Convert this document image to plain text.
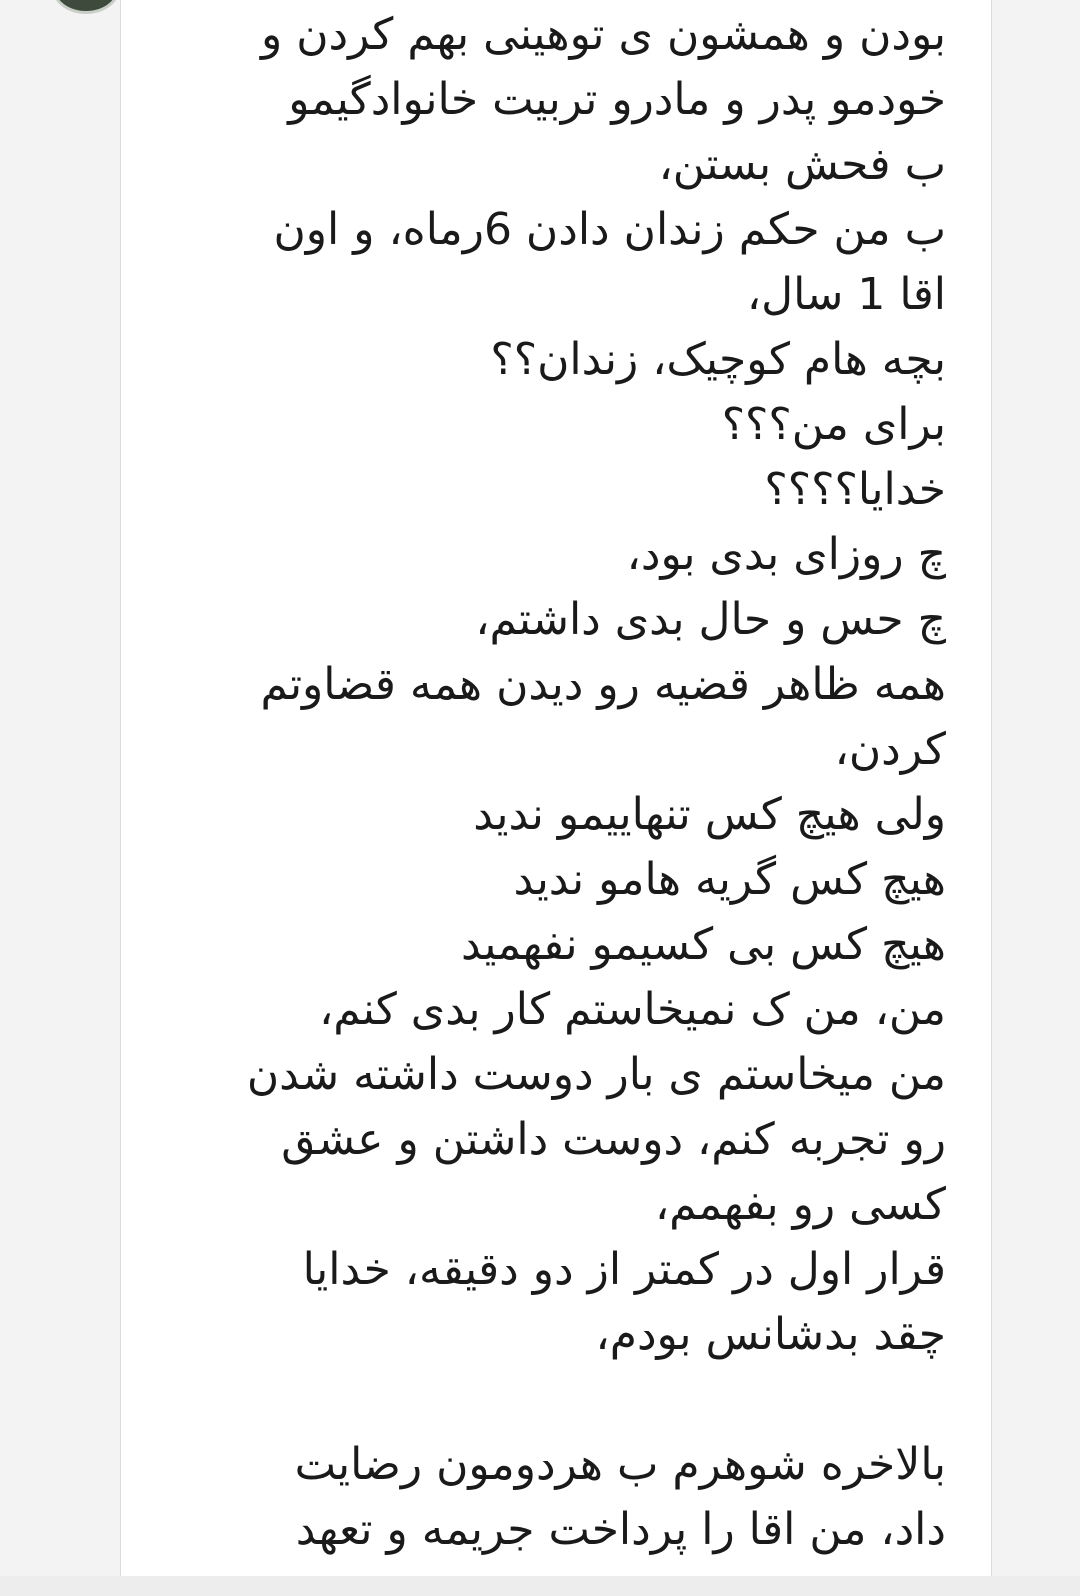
بودن و همشون ی توهینی بهم کردن و
خودمو پدر و مادرو تربیت خانوادگیمو
ب فحش بستن،
ب من حکم زندان دادن 6رماه، و اون
اقا 1 سال،
بچه هام کوچیک، زندان؟؟
برای من؟؟؟
خدایا؟؟؟؟
چ روزای بدی بود،
چ حس و حال بدی داشتم،
همه ظاهر قضیه رو دیدن همه قضاوتم
کردن،
ولی هیچ کس تنهاییمو ندید
هیچ کس گریه هامو ندید
هیچ کس بی کسیمو نفهمید
من، من ک نمیخاستم کار بدی کنم،
من میخاستم ی بار دوست داشته شدن
رو تجربه کنم، دوست داشتن و عشق
کسی رو بفهمم،
قرار اول در کمتر از دو دقیقه، خدایا
چقد بدشانس بودم،
بالاخره شوهرم ب هردومون رضایت
داد، من اقا را پرداخت جریمه و تعهد
